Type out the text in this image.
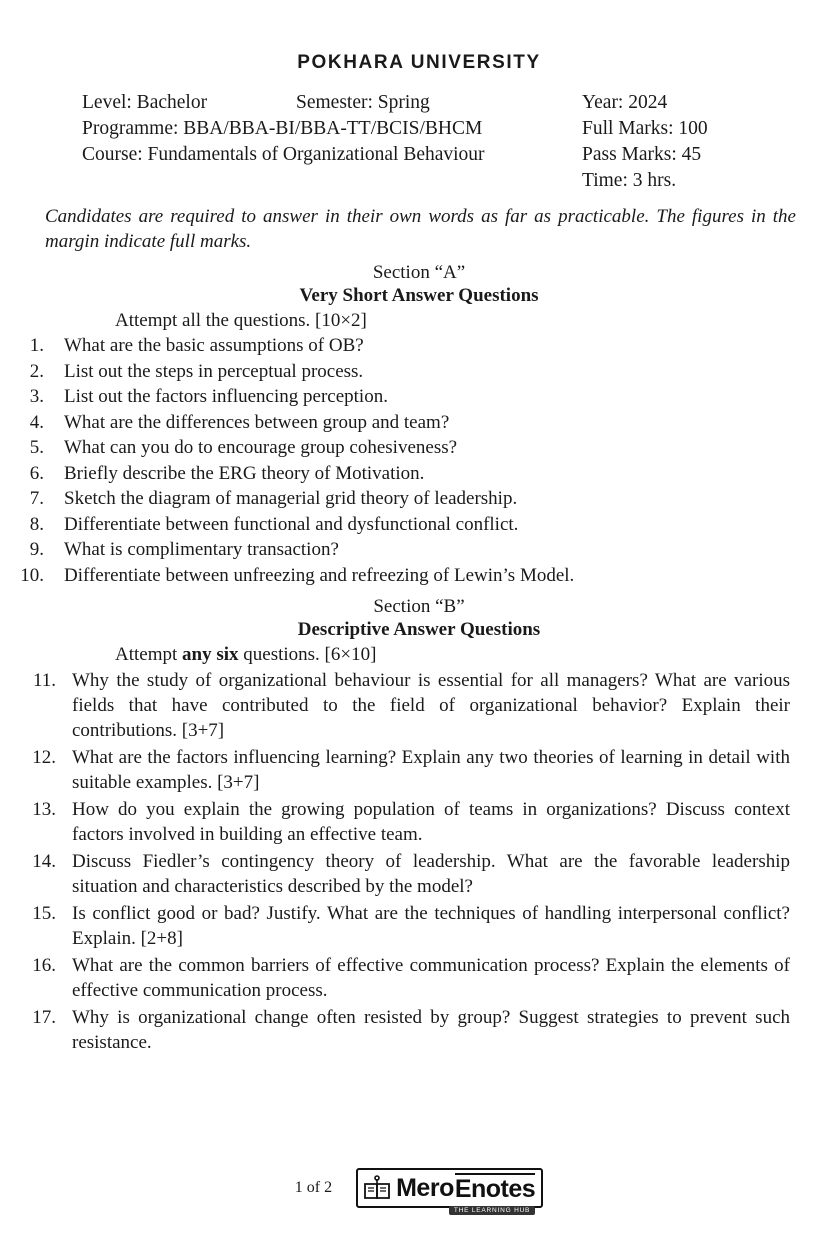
POKHARA UNIVERSITY
Level: Bachelor	Semester: Spring	Year: 2024
Programme: BBA/BBA-BI/BBA-TT/BCIS/BHCM	Full Marks: 100
Course: Fundamentals of Organizational Behaviour	Pass Marks: 45
Time: 3 hrs.
Candidates are required to answer in their own words as far as practicable. The figures in the margin indicate full marks.
Section “A”
Very Short Answer Questions
Attempt all the questions. [10×2]
1.	What are the basic assumptions of OB?
2.	List out the steps in perceptual process.
3.	List out the factors influencing perception.
4.	What are the differences between group and team?
5.	What can you do to encourage group cohesiveness?
6.	Briefly describe the ERG theory of Motivation.
7.	Sketch the diagram of managerial grid theory of leadership.
8.	Differentiate between functional and dysfunctional conflict.
9.	What is complimentary transaction?
10.	Differentiate between unfreezing and refreezing of Lewin’s Model.
Section “B”
Descriptive Answer Questions
Attempt any six questions. [6×10]
11. Why the study of organizational behaviour is essential for all managers? What are various fields that have contributed to the field of organizational behavior? Explain their contributions. [3+7]
12. What are the factors influencing learning? Explain any two theories of learning in detail with suitable examples. [3+7]
13. How do you explain the growing population of teams in organizations? Discuss context factors involved in building an effective team.
14. Discuss Fiedler’s contingency theory of leadership. What are the favorable leadership situation and characteristics described by the model?
15. Is conflict good or bad? Justify. What are the techniques of handling interpersonal conflict? Explain. [2+8]
16. What are the common barriers of effective communication process? Explain the elements of effective communication process.
17. Why is organizational change often resisted by group? Suggest strategies to prevent such resistance.
1 of 2	Mero Enotes
THE LEARNING HUB
